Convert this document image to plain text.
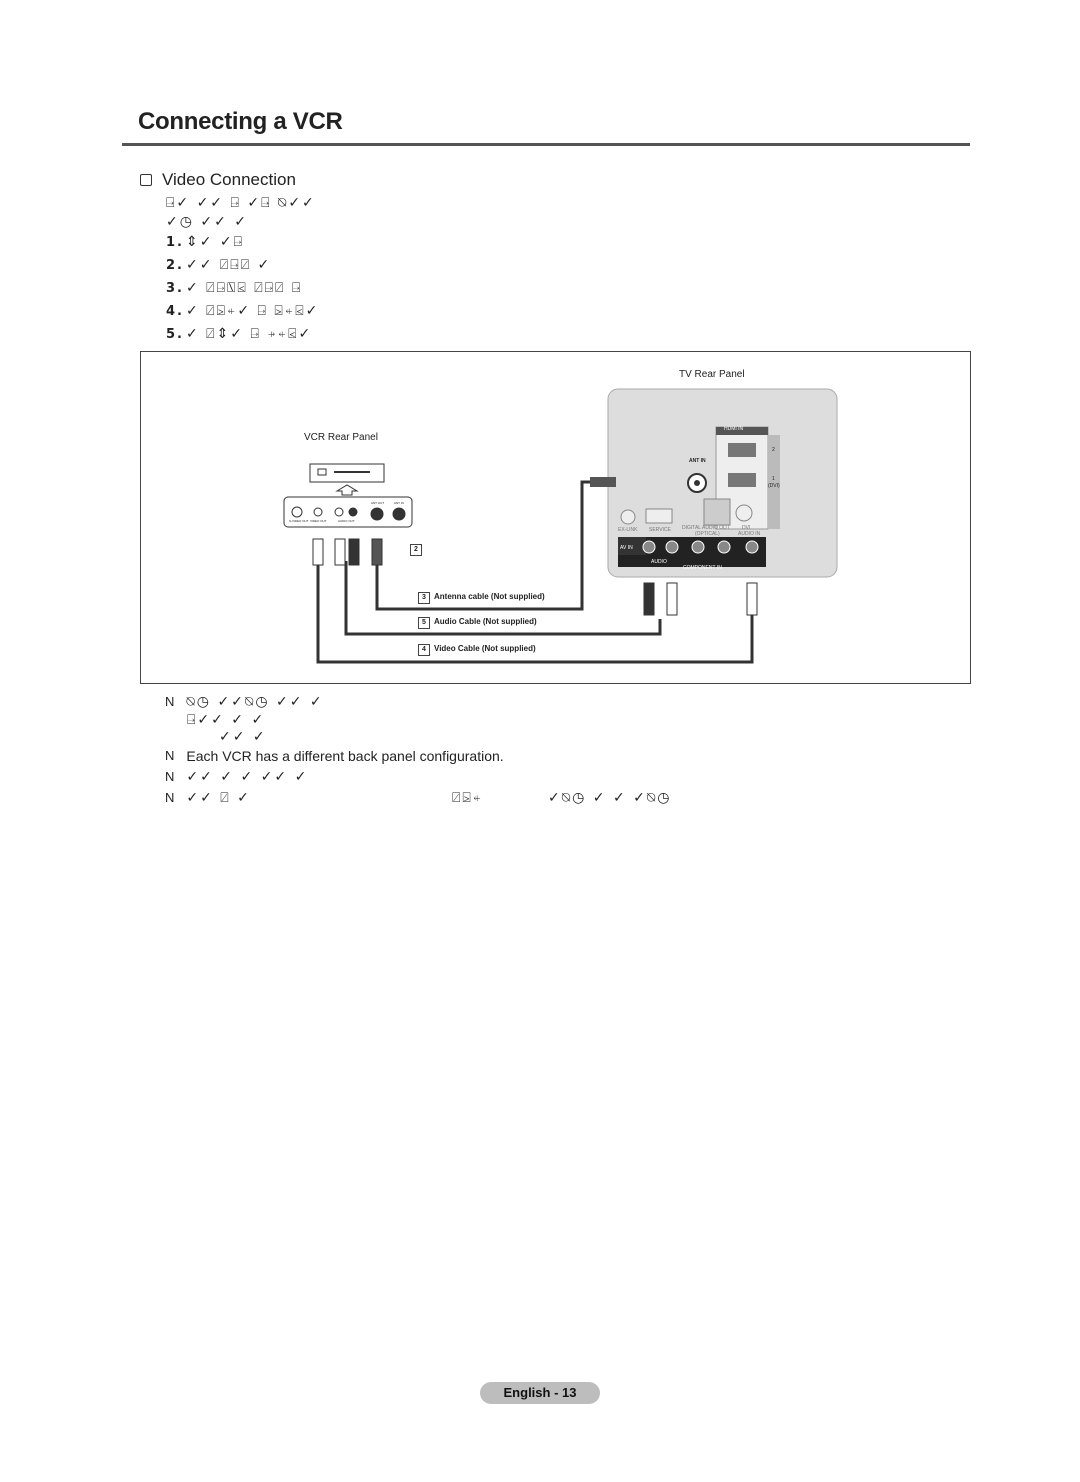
Connecting a VCR
Video Connection
⍈✓ ✓✓ ⍈ ✓⍈ ⍉✓✓
✓◷ ✓✓ ✓
1. ⇕✓ ✓⍈
2. ✓✓ ⍁⍈⍁ ✓
3. ✓ ⍁⍈⍂⍃ ⍁⍈⍁ ⍈
4. ✓ ⍁⍄⍅✓ ⍈ ⍄⍅⍃✓
5. ✓ ⍁⇕✓ ⍈ ⍆⍅⍃✓
TV Rear Panel
VCR Rear Panel
HDMI IN
ANT IN
2
1
(DVI)
EX-LINK SERVICE DIGITAL AUDIO OUT
(OPTICAL)
DVI
AUDIO IN
AV IN
AUDIO
COMPONENT IN
S-VIDEO OUT VIDEO OUT	AUDIO OUT
ANT OUT	ANT IN
2
3 Antenna cable (Not supplied)
5 Audio Cable (Not supplied)
4 Video Cable (Not supplied)
N ⍉◷ ✓✓⍉◷ ✓✓ ✓
⍈✓✓ ✓ ✓
✓✓ ✓
N Each VCR has a different back panel configuration.
N ✓✓ ✓ ✓ ✓✓ ✓
N ✓✓ ⍁ ✓	⍁⍄⍅	✓⍉◷ ✓ ✓ ✓⍉◷
English - 13
